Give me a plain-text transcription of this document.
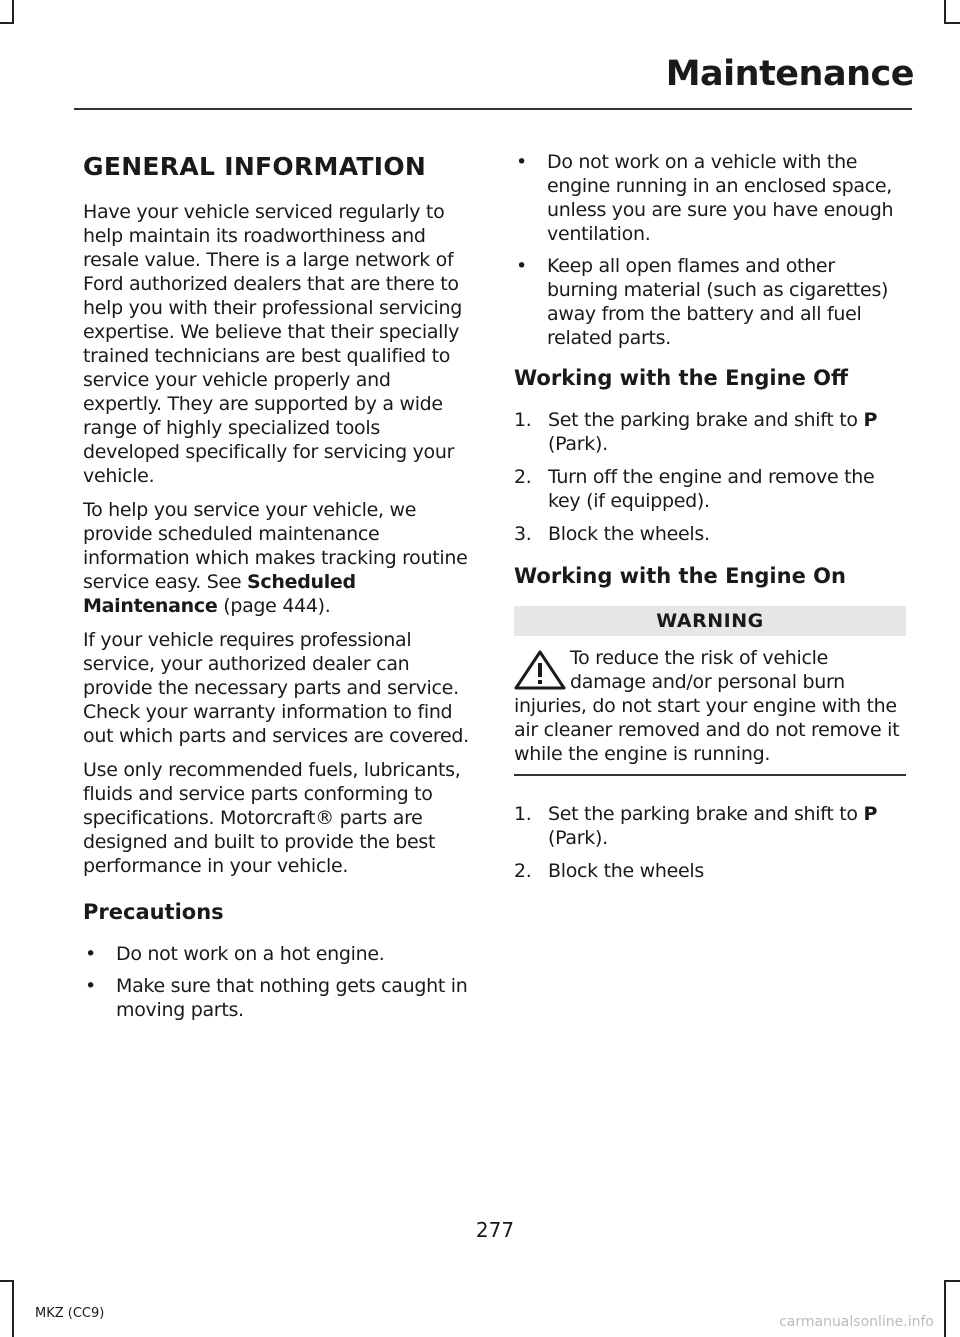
Maintenance
GENERAL INFORMATION

Have your vehicle serviced regularly to help maintain its roadworthiness and resale value. There is a large network of Ford authorized dealers that are there to help you with their professional servicing expertise. We believe that their specially trained technicians are best qualified to service your vehicle properly and expertly. They are supported by a wide range of highly specialized tools developed specifically for servicing your vehicle.

To help you service your vehicle, we provide scheduled maintenance information which makes tracking routine service easy. See Scheduled Maintenance (page 444).

If your vehicle requires professional service, your authorized dealer can provide the necessary parts and service. Check your warranty information to find out which parts and services are covered.

Use only recommended fuels, lubricants, fluids and service parts conforming to specifications. Motorcraft® parts are designed and built to provide the best performance in your vehicle.

Precautions
• Do not work on a hot engine.
• Make sure that nothing gets caught in moving parts.
• Do not work on a vehicle with the engine running in an enclosed space, unless you are sure you have enough ventilation.
• Keep all open flames and other burning material (such as cigarettes) away from the battery and all fuel related parts.
Working with the Engine Off
1. Set the parking brake and shift to P (Park).
2. Turn off the engine and remove the key (if equipped).
3. Block the wheels.
Working with the Engine On
WARNING
To reduce the risk of vehicle damage and/or personal burn injuries, do not start your engine with the air cleaner removed and do not remove it while the engine is running.
1. Set the parking brake and shift to P (Park).
2. Block the wheels
277
MKZ (CC9)
carmanualsonline.info
